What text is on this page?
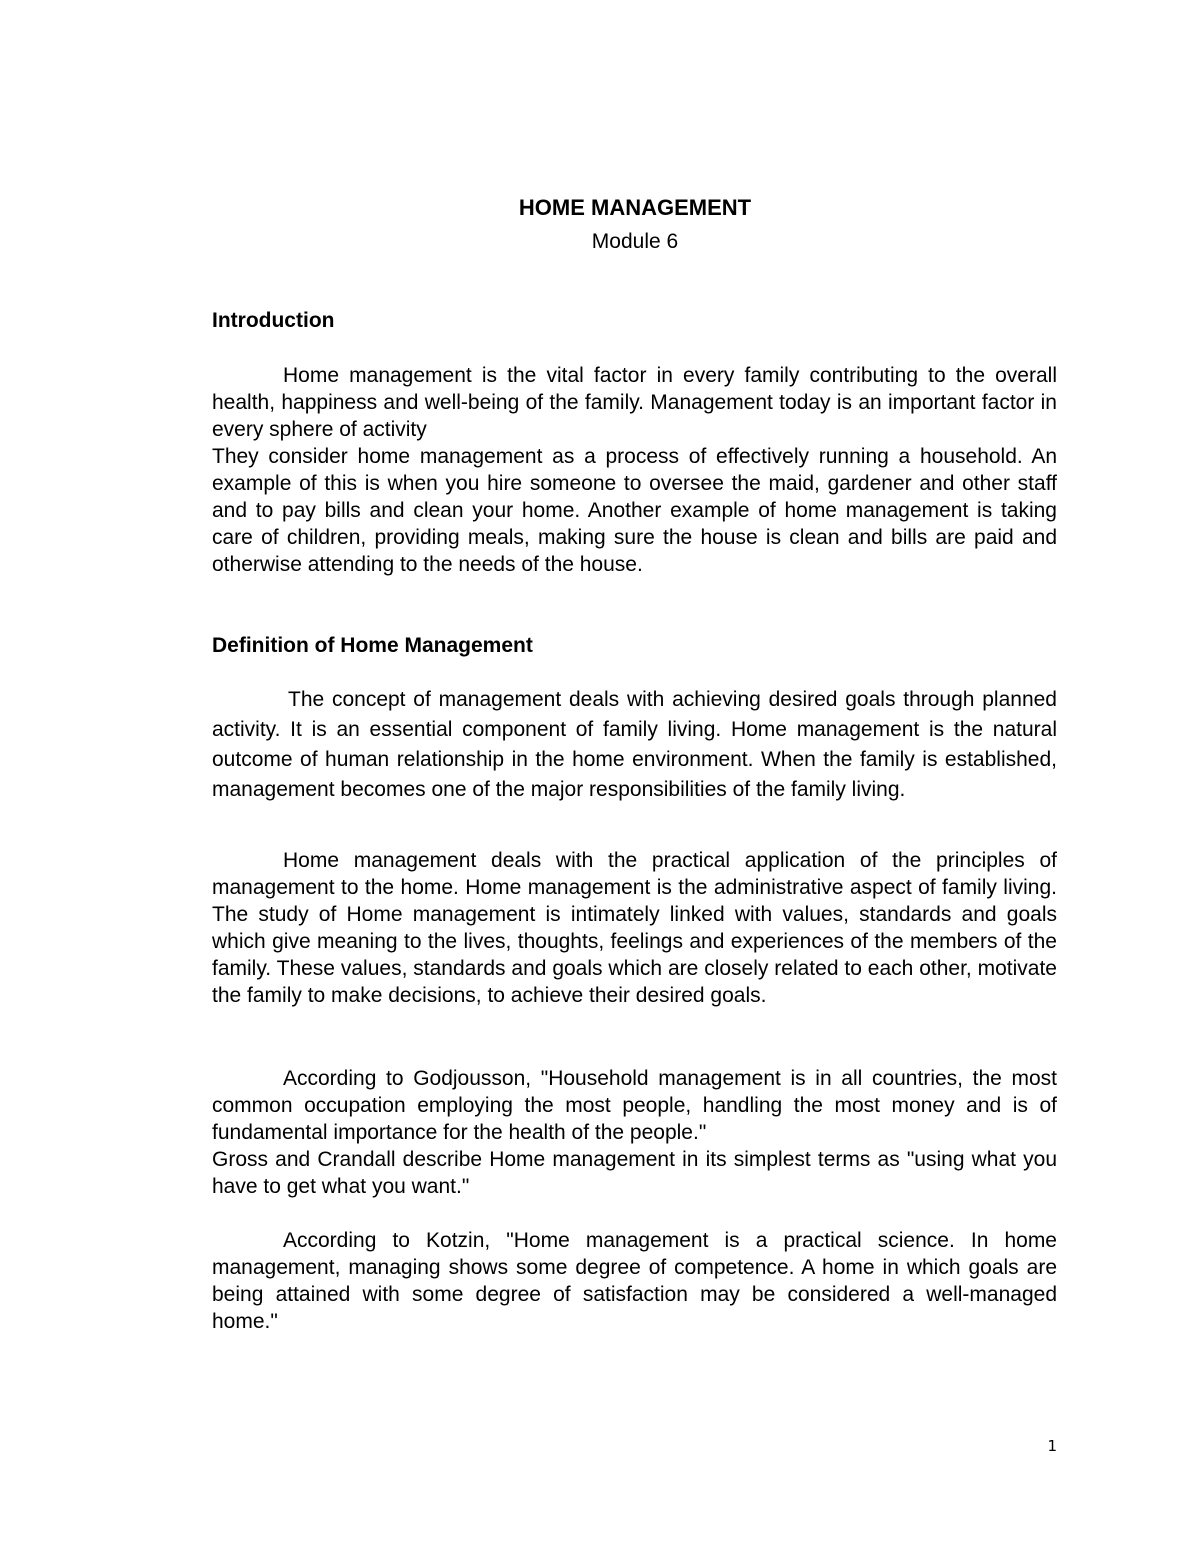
HOME MANAGEMENT
Module 6
Introduction

Home management is the vital factor in every family contributing to the overall health, happiness and well-being of the family. Management today is an important factor in every sphere of activity

They consider home management as a process of effectively running a household. An example of this is when you hire someone to oversee the maid, gardener and other staff and to pay bills and clean your home. Another example of home management is taking care of children, providing meals, making sure the house is clean and bills are paid and otherwise attending to the needs of the house.

Definition of Home Management

The concept of management deals with achieving desired goals through planned activity. It is an essential component of family living. Home management is the natural outcome of human relationship in the home environment. When the family is established, management becomes one of the major responsibilities of the family living.

Home management deals with the practical application of the principles of management to the home. Home management is the administrative aspect of family living. The study of Home management is intimately linked with values, standards and goals which give meaning to the lives, thoughts, feelings and experiences of the members of the family. These values, standards and goals which are closely related to each other, motivate the family to make decisions, to achieve their desired goals.

According to Godjousson, "Household management is in all countries, the most common occupation employing the most people, handling the most money and is of fundamental importance for the health of the people."

Gross and Crandall describe Home management in its simplest terms as "using what you have to get what you want."

According to Kotzin, "Home management is a practical science. In home management, managing shows some degree of competence. A home in which goals are being attained with some degree of satisfaction may be considered a well-managed home."

1
